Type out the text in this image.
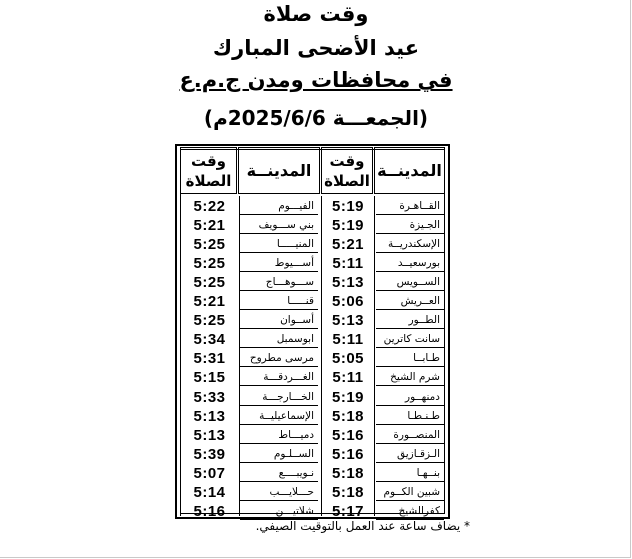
وقت صلاة
عيد الأضحى المبارك
في محافظات ومدن ج.م.ع
(الجمعـــة 2025/6/6م)
المدينــة
وقت الصلاة
المدينــة
وقت الصلاة
القــاهـرة
5:19
الفيـــوم
5:22
الجـيزة
5:19
بني ســـويف
5:21
الإسكندريــة
5:21
المنيـــــا
5:25
بورسعيــد
5:11
أســـيوط
5:25
الســويس
5:13
ســـوهـــاج
5:25
العــريش
5:06
قنـــــا
5:21
الطــور
5:13
أســوان
5:25
سانت كاترين
5:11
ابوسمبل
5:34
طـابــا
5:05
مرسى مطروح
5:31
شرم الشيخ
5:11
الغـــردقـــة
5:15
دمنهــور
5:19
الخـــارجـــة
5:33
طـنـطـا
5:18
الإسماعيليــة
5:13
المنصــورة
5:16
دميـــاط
5:13
الـزقـازيق
5:16
الســلـوم
5:39
بنــهـا
5:18
نـويبــــع
5:07
شبين الكــوم
5:18
حـــلايـــب
5:14
كفرالشيخ
5:17
شلاتيـــن
5:16
* يضاف ساعة عند العمل بالتوقيت الصيفي.
